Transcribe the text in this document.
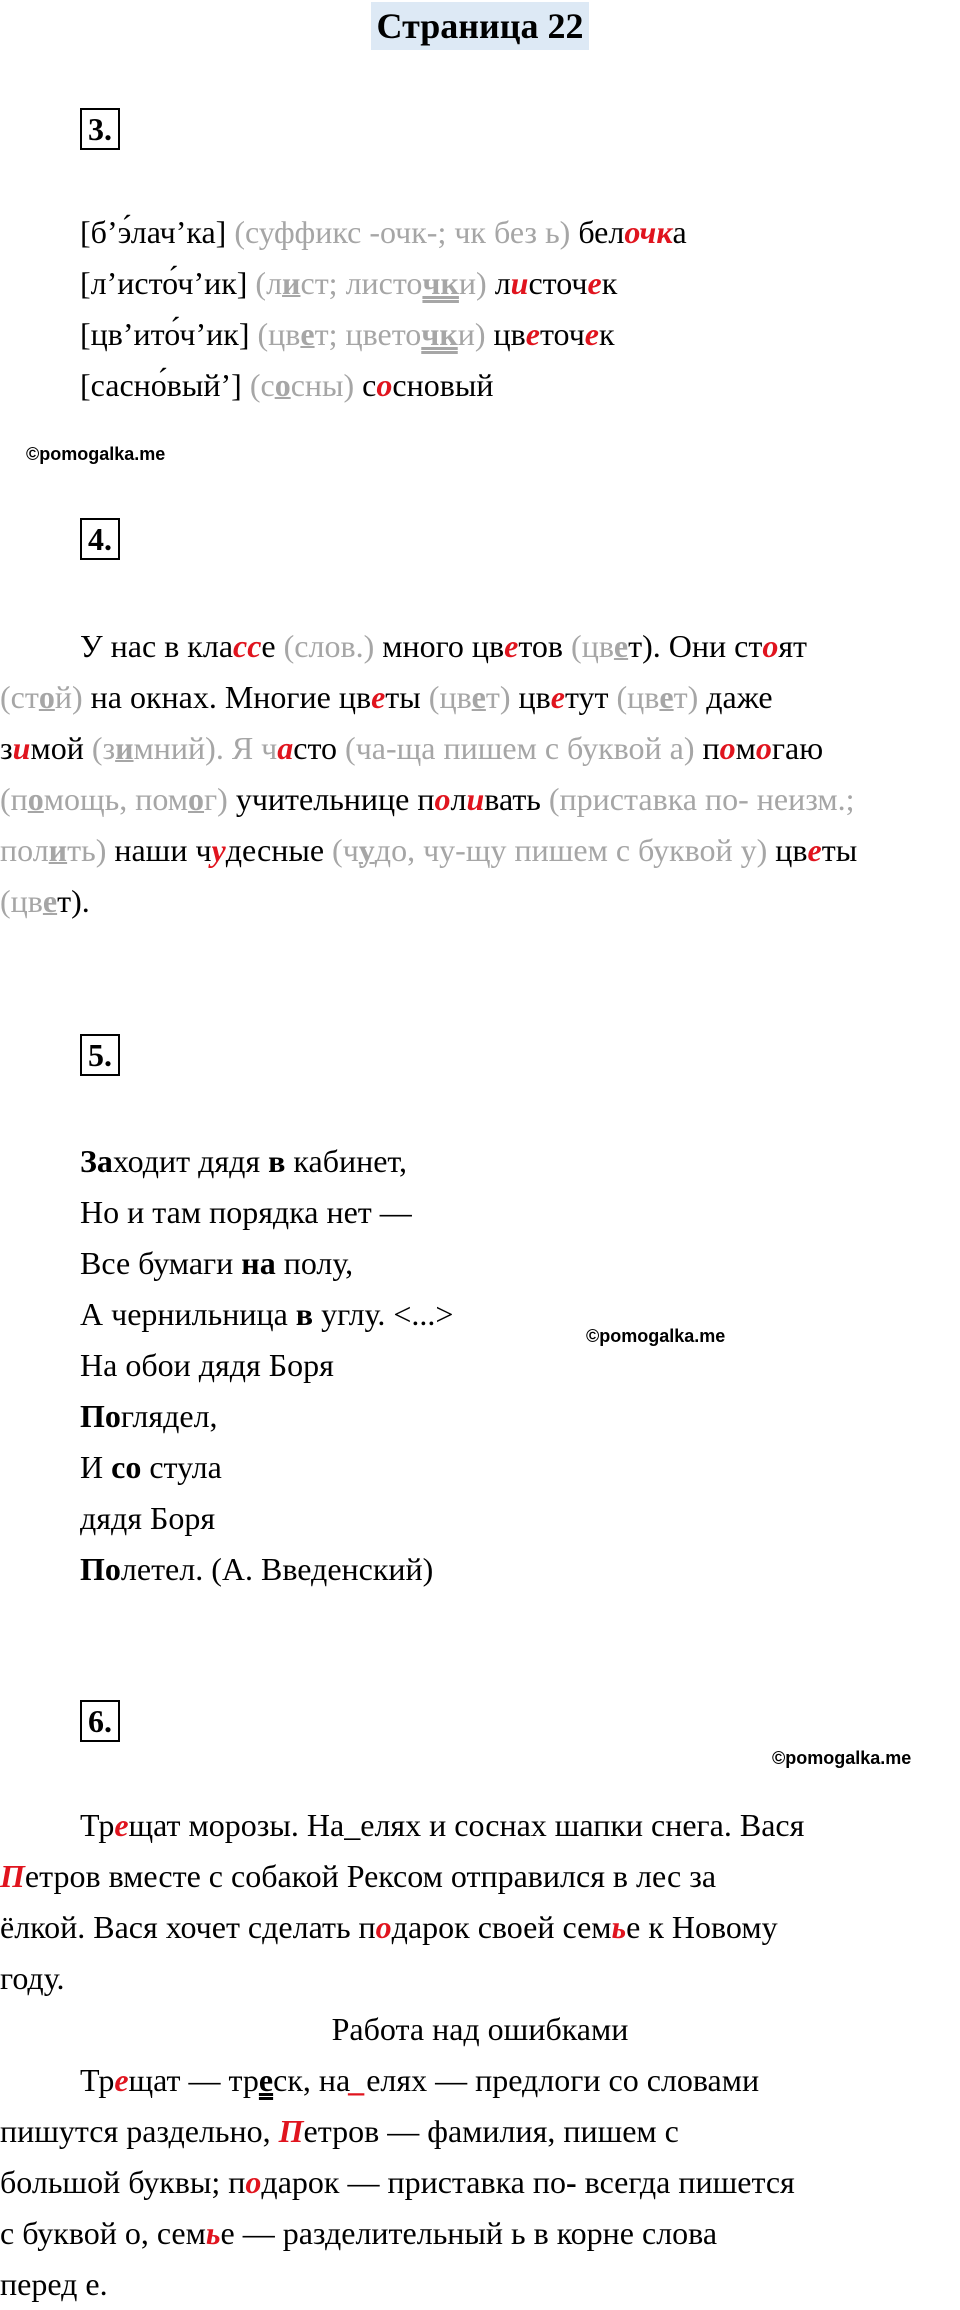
Страница 22
3.
[бʼэ́лачʼка] (суффикс -очк-; чк без ь) белочка
[лʼисто́чʼик] (лист; листочки) листочек
[цвʼито́чʼик] (цвет; цветочки) цветочек
[сасно́вый’] (сосны) сосновый
©pomogalka.me
4.
У нас в классе (слов.) много цветов (цвет). Они стоят
(стой) на окнах. Многие цветы (цвет) цветут (цвет) даже
зимой (зимний). Я часто (ча-ща пишем с буквой а) помогаю
(помощь, помог) учительнице поливать (приставка по- неизм.;
полить) наши чудесные (чудо, чу-щу пишем с буквой у) цветы
(цвет).
5.
Заходит дядя в кабинет,
Но и там порядка нет —
Все бумаги на полу,
А чернильница в углу. <...>
На обои дядя Боря
Поглядел,
И со стула
дядя Боря
Полетел. (А. Введенский)
©pomogalka.me
6.
©pomogalka.me
Трещат морозы. На_елях и соснах шапки снега. Вася
Петров вместе с собакой Рексом отправился в лес за
ёлкой. Вася хочет сделать подарок своей семье к Новому
году.
Работа над ошибками
Трещат — треск, на_елях — предлоги со словами
пишутся раздельно, Петров — фамилия, пишем с
большой буквы; подарок — приставка по- всегда пишется
с буквой о, семье — разделительный ь в корне слова
перед е.
